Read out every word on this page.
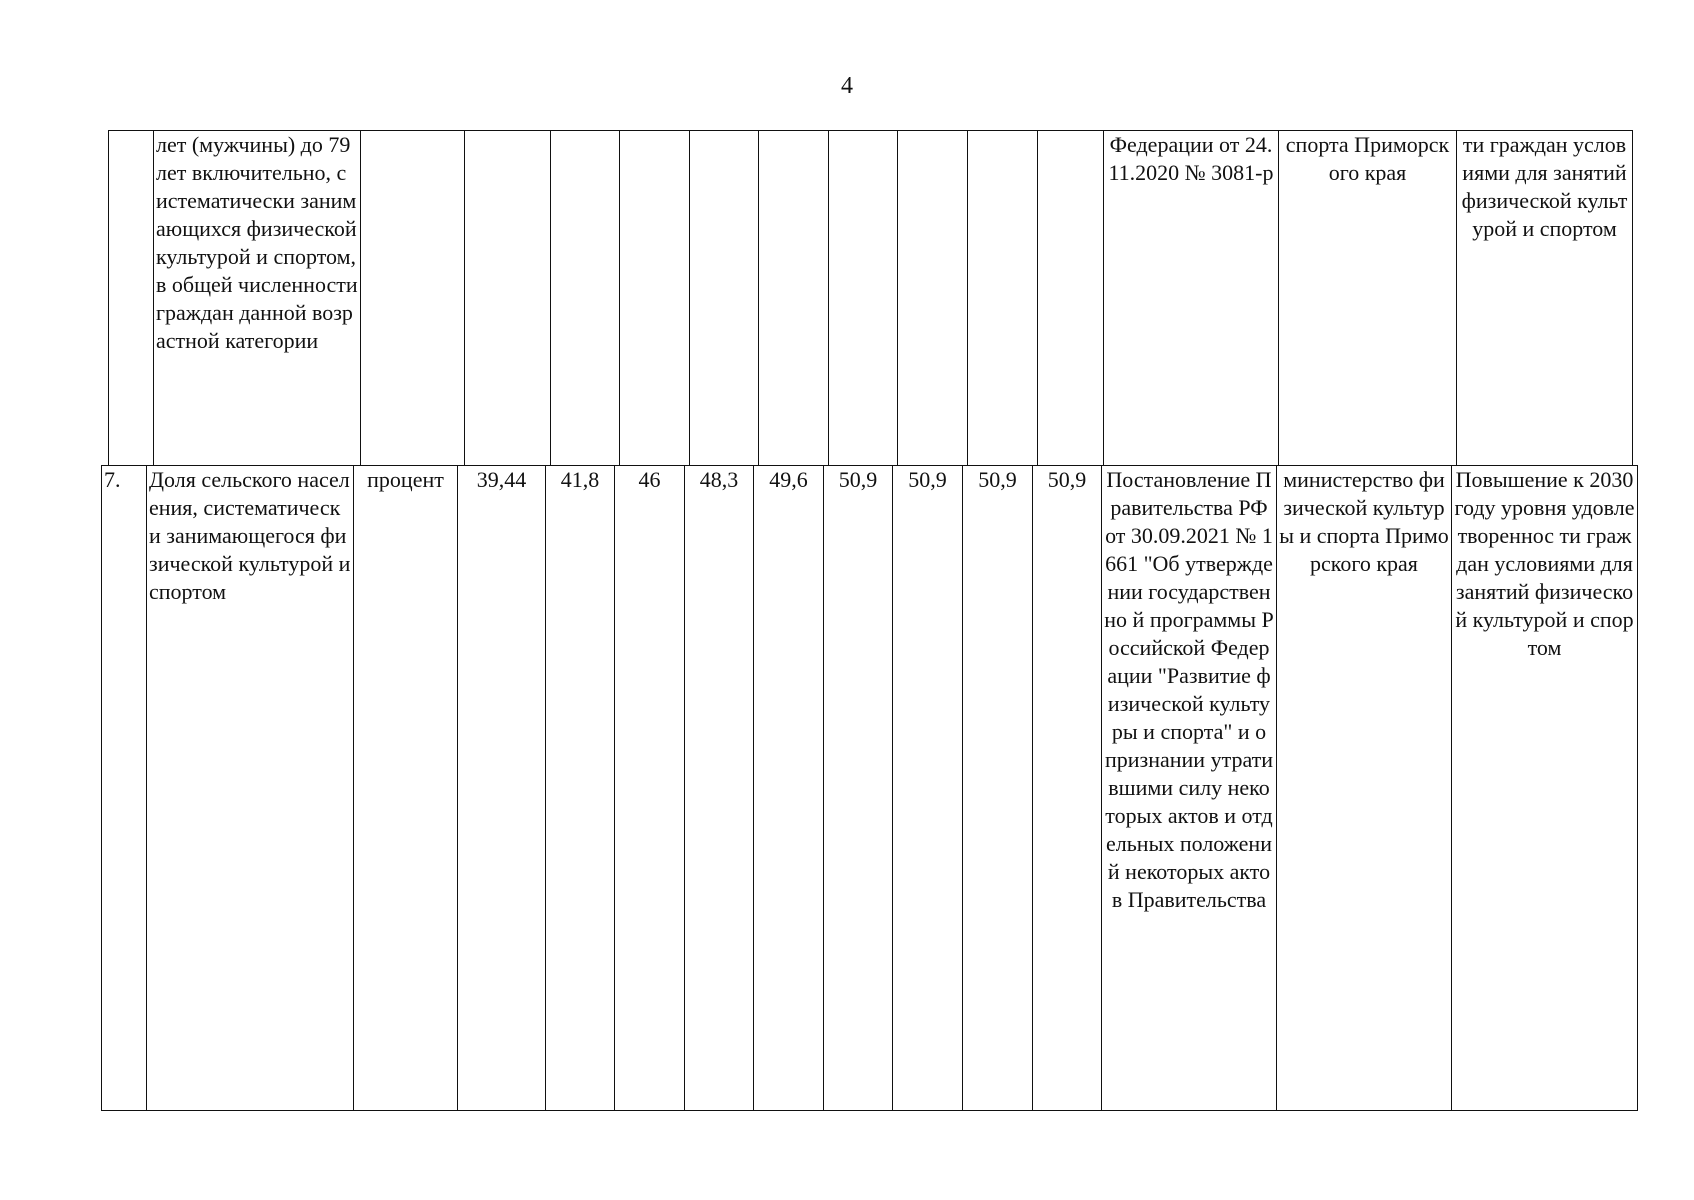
4
	лет (мужчины) до 79 лет включительно, систематически занимающихся физической культурой и спортом, в общей численности граждан данной возрастной категории											Федерации от 24.11.2020 № 3081-р	спорта Приморского края	ти граждан условиями для занятий физической культурой и спортом
7.	Доля сельского населения, систематически занимающегося физической культурой и спортом	процент	39,44	41,8	46	48,3	49,6	50,9	50,9	50,9	50,9	Постановление Правительства РФ от 30.09.2021 № 1661 "Об утверждении государственно й программы Российской Федерации "Развитие физической культуры и спорта" и о признании утратившими силу некоторых актов и отдельных положений некоторых актов Правительства	министерство физической культуры и спорта Приморского края	Повышение к 2030 году уровня удовлетвореннос ти граждан условиями для занятий физической культурой и спортом
